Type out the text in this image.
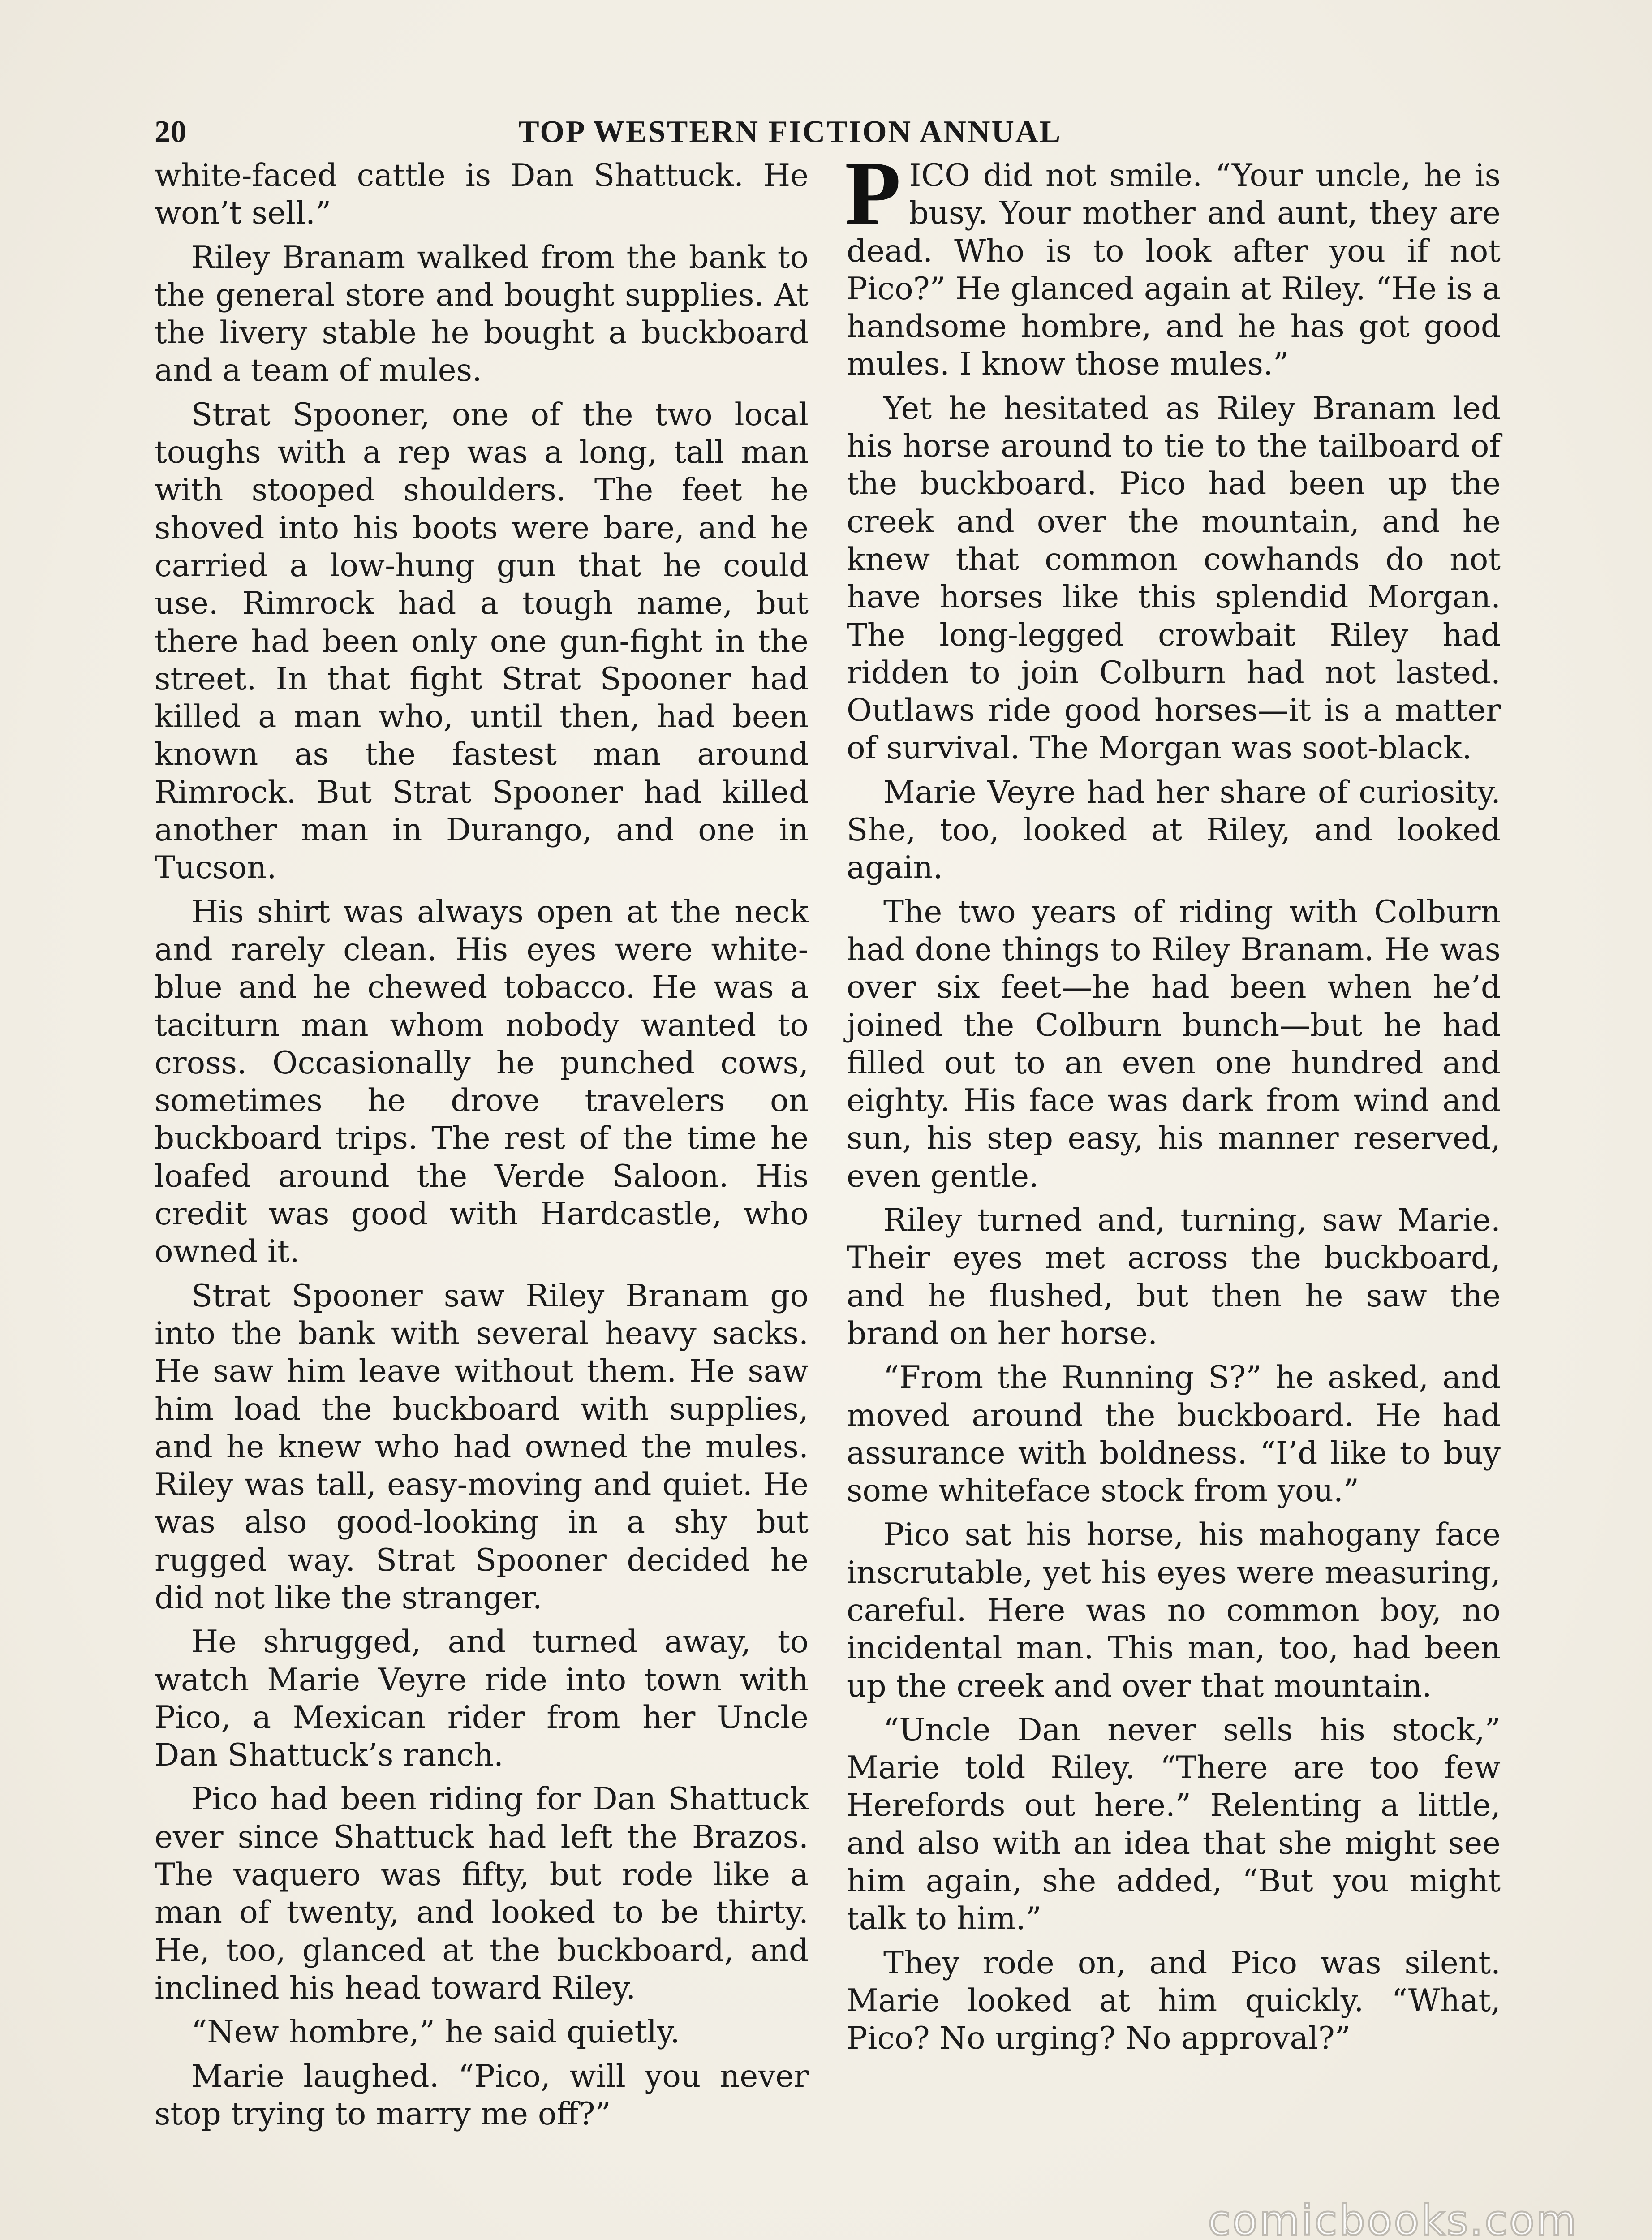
20	TOP WESTERN FICTION ANNUAL

white-faced cattle is Dan Shattuck. He won’t sell.”

Riley Branam walked from the bank to the general store and bought supplies. At the livery stable he bought a buckboard and a team of mules.

Strat Spooner, one of the two local toughs with a rep was a long, tall man with stooped shoulders. The feet he shoved into his boots were bare, and he carried a low-hung gun that he could use. Rimrock had a tough name, but there had been only one gun-fight in the street. In that fight Strat Spooner had killed a man who, until then, had been known as the fastest man around Rimrock. But Strat Spooner had killed another man in Durango, and one in Tucson.

His shirt was always open at the neck and rarely clean. His eyes were white-blue and he chewed tobacco. He was a taciturn man whom nobody wanted to cross. Occasionally he punched cows, sometimes he drove travelers on buckboard trips. The rest of the time he loafed around the Verde Saloon. His credit was good with Hardcastle, who owned it.

Strat Spooner saw Riley Branam go into the bank with several heavy sacks. He saw him leave without them. He saw him load the buckboard with supplies, and he knew who had owned the mules. Riley was tall, easy-moving and quiet. He was also good-looking in a shy but rugged way. Strat Spooner decided he did not like the stranger.

He shrugged, and turned away, to watch Marie Veyre ride into town with Pico, a Mexican rider from her Uncle Dan Shattuck’s ranch.

Pico had been riding for Dan Shattuck ever since Shattuck had left the Brazos. The vaquero was fifty, but rode like a man of twenty, and looked to be thirty. He, too, glanced at the buckboard, and inclined his head toward Riley.

“New hombre,” he said quietly.

Marie laughed. “Pico, will you never stop trying to marry me off?”

PICO did not smile. “Your uncle, he is busy. Your mother and aunt, they are dead. Who is to look after you if not Pico?” He glanced again at Riley. “He is a handsome hombre, and he has got good mules. I know those mules.”

Yet he hesitated as Riley Branam led his horse around to tie to the tailboard of the buckboard. Pico had been up the creek and over the mountain, and he knew that common cowhands do not have horses like this splendid Morgan. The long-legged crowbait Riley had ridden to join Colburn had not lasted. Outlaws ride good horses—it is a matter of survival. The Morgan was soot-black.

Marie Veyre had her share of curiosity. She, too, looked at Riley, and looked again.

The two years of riding with Colburn had done things to Riley Branam. He was over six feet—he had been when he’d joined the Colburn bunch—but he had filled out to an even one hundred and eighty. His face was dark from wind and sun, his step easy, his manner reserved, even gentle.

Riley turned and, turning, saw Marie. Their eyes met across the buckboard, and he flushed, but then he saw the brand on her horse.

“From the Running S?” he asked, and moved around the buckboard. He had assurance with boldness. “I’d like to buy some whiteface stock from you.”

Pico sat his horse, his mahogany face inscrutable, yet his eyes were measuring, careful. Here was no common boy, no incidental man. This man, too, had been up the creek and over that mountain.

“Uncle Dan never sells his stock,” Marie told Riley. “There are too few Herefords out here.” Relenting a little, and also with an idea that she might see him again, she added, “But you might talk to him.”

They rode on, and Pico was silent. Marie looked at him quickly. “What, Pico? No urging? No approval?”

comicbooks.com
